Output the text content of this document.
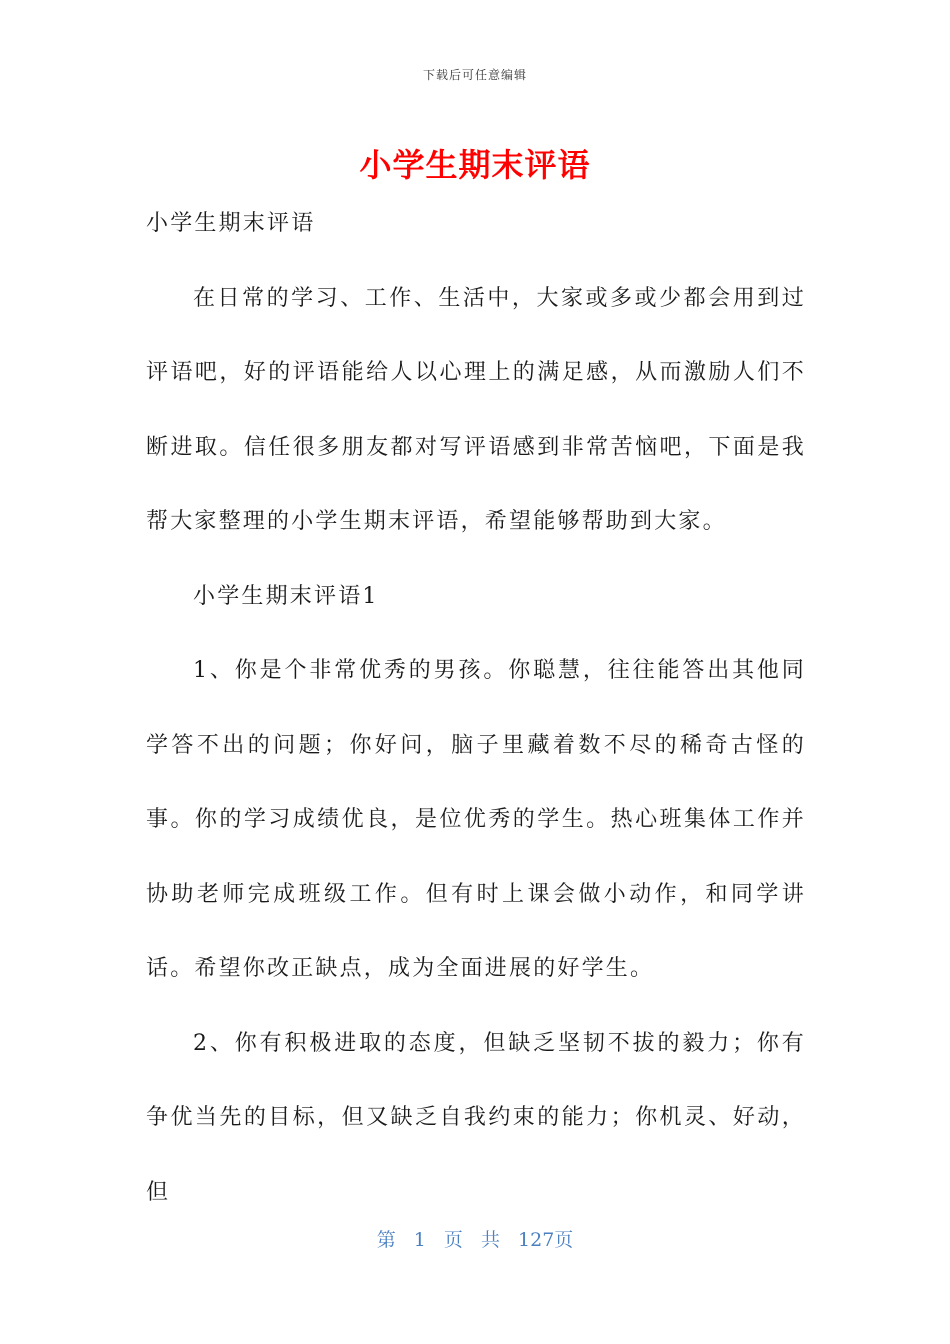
下载后可任意编辑
小学生期末评语

小学生期末评语

在日常的学习、工作、生活中，大家或多或少都会用到过评语吧，好的评语能给人以心理上的满足感，从而激励人们不断进取。信任很多朋友都对写评语感到非常苦恼吧，下面是我帮大家整理的小学生期末评语，希望能够帮助到大家。

小学生期末评语1

1、你是个非常优秀的男孩。你聪慧，往往能答出其他同学答不出的问题；你好问，脑子里藏着数不尽的稀奇古怪的事。你的学习成绩优良，是位优秀的学生。热心班集体工作并协助老师完成班级工作。但有时上课会做小动作，和同学讲话。希望你改正缺点，成为全面进展的好学生。

2、你有积极进取的态度，但缺乏坚韧不拔的毅力；你有争优当先的目标，但又缺乏自我约束的能力；你机灵、好动，但

第 1 页 共 127页
